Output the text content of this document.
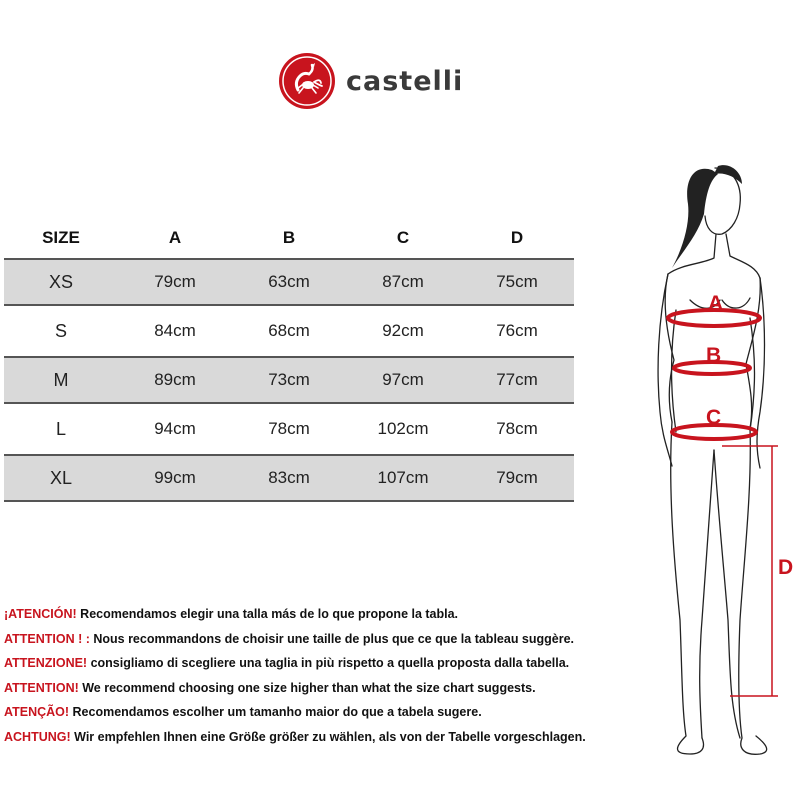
castelli
SIZE	A	B	C	D
XS	79cm	63cm	87cm	75cm
S	84cm	68cm	92cm	76cm
M	89cm	73cm	97cm	77cm
L	94cm	78cm	102cm	78cm
XL	99cm	83cm	107cm	79cm
A
B
C
D
¡ATENCIÓN! Recomendamos elegir una talla más de lo que propone la tabla.
ATTENTION ! : Nous recommandons de choisir une taille de plus que ce que la tableau suggère.
ATTENZIONE! consigliamo di scegliere una taglia in più rispetto a quella proposta dalla tabella.
ATTENTION! We recommend choosing one size higher than what the size chart suggests.
ATENÇÃO! Recomendamos escolher um tamanho maior do que a tabela sugere.
ACHTUNG! Wir empfehlen Ihnen eine Größe größer zu wählen, als von der Tabelle vorgeschlagen.
